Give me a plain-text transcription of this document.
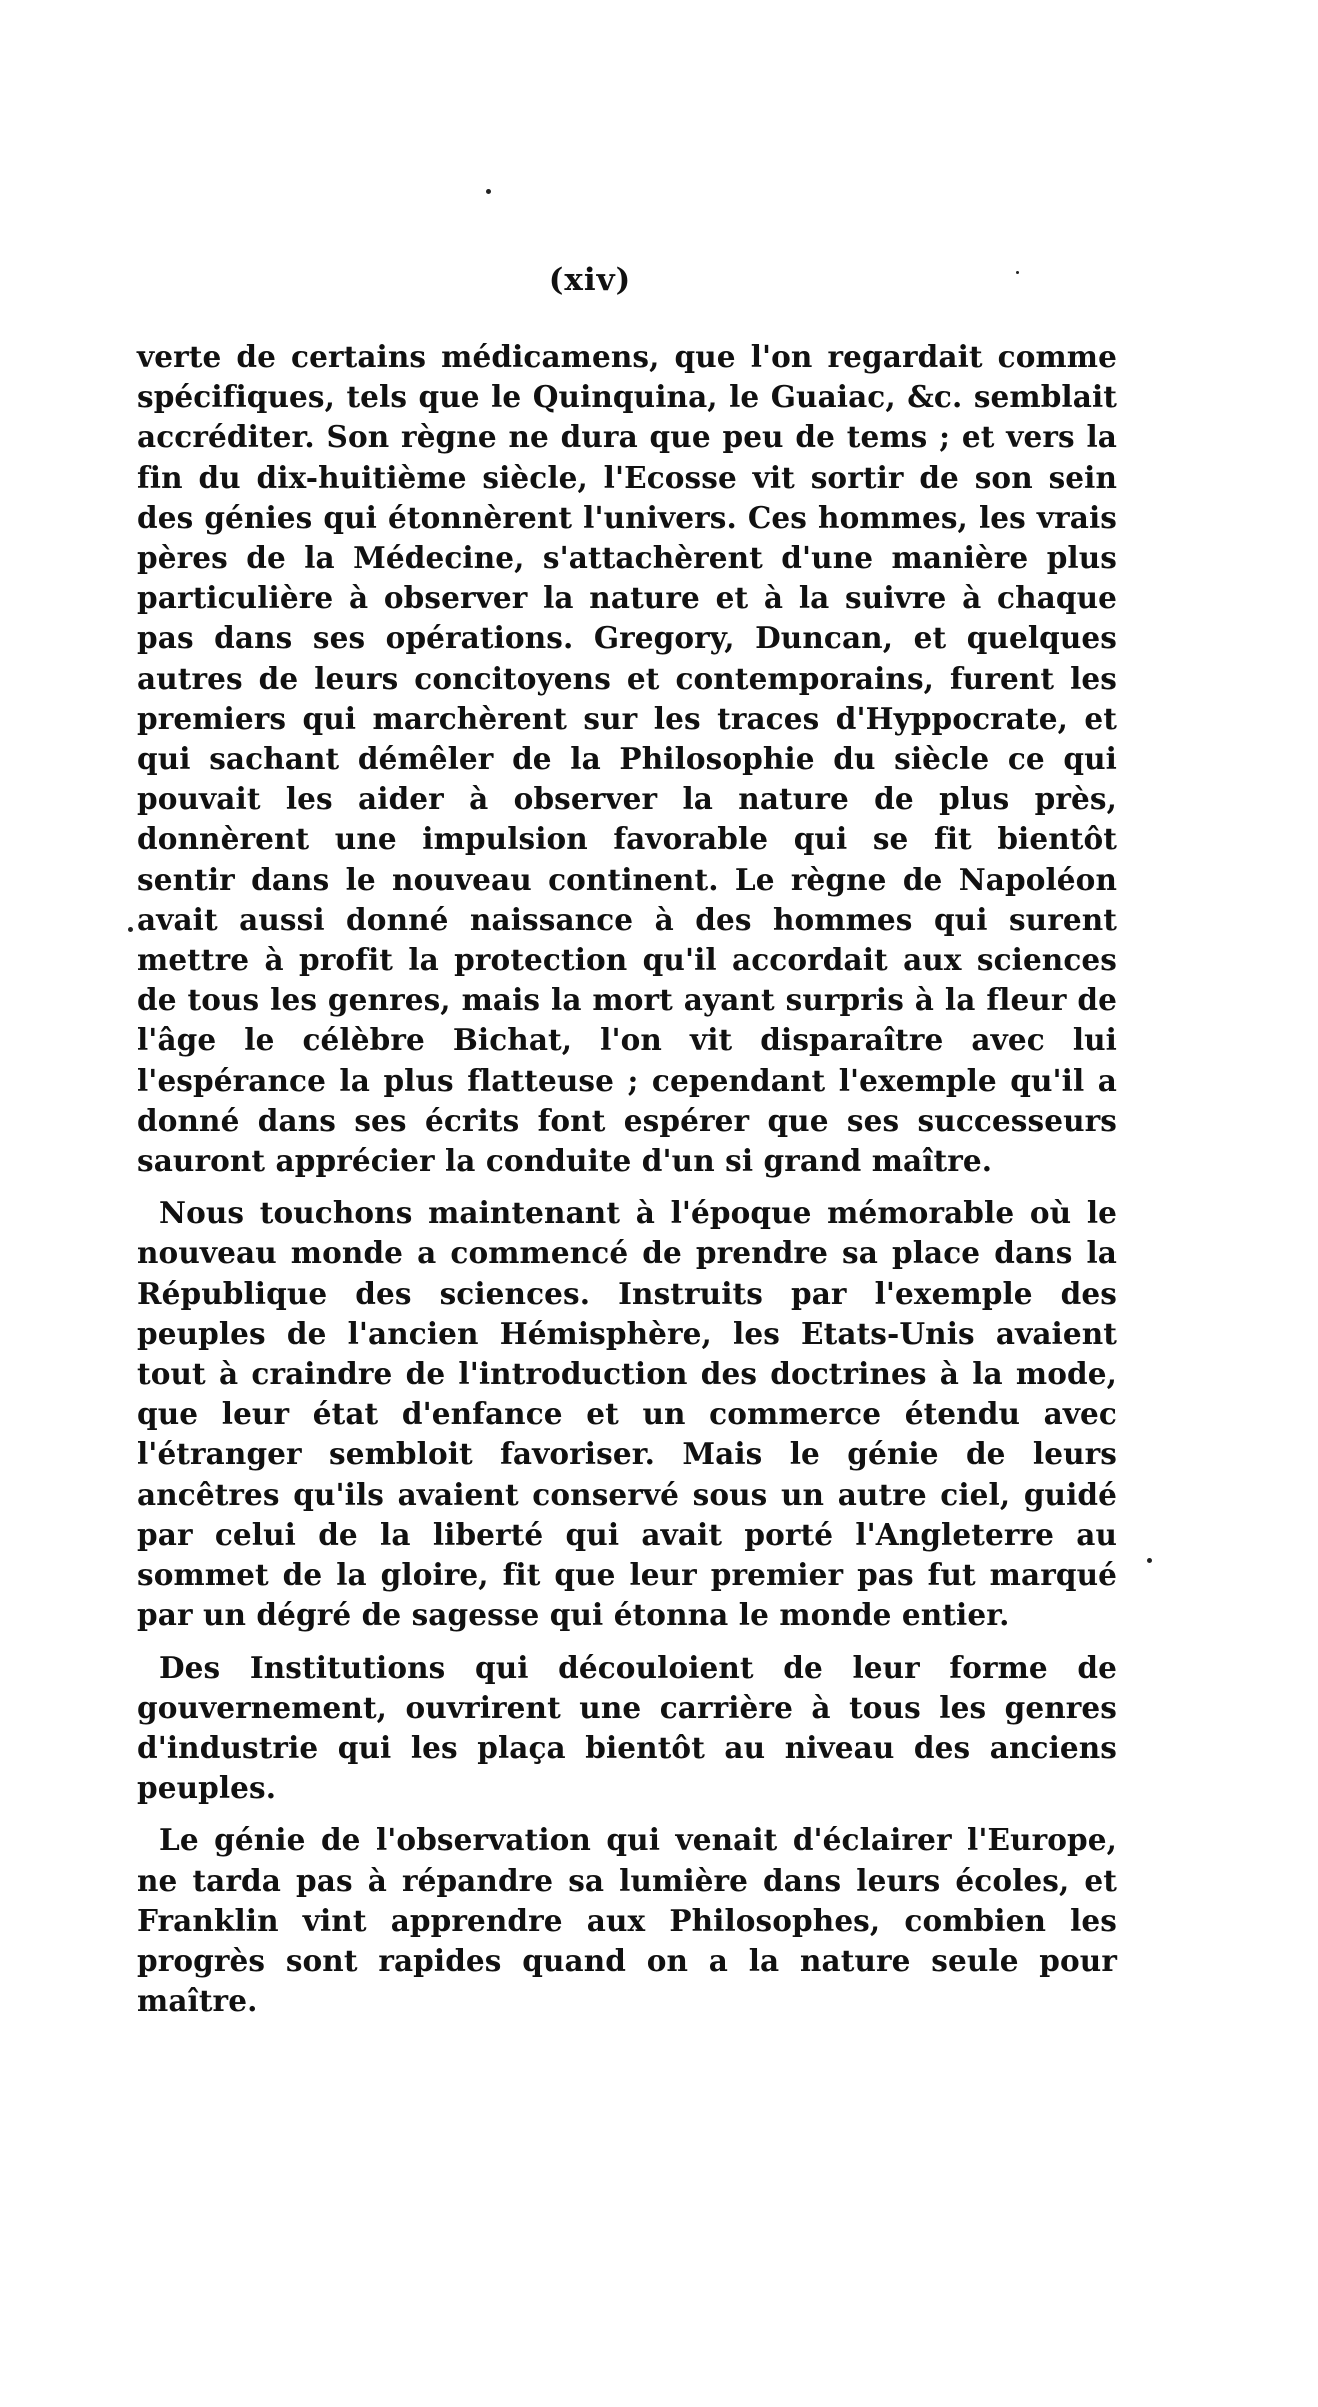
(xiv)

verte de certains médicamens, que l'on regardait comme spécifiques, tels que le Quinquina, le Guaiac, &c. semblait accréditer. Son règne ne dura que peu de tems ; et vers la fin du dix-huitième siècle, l'Ecosse vit sortir de son sein des génies qui étonnèrent l'univers. Ces hommes, les vrais pères de la Médecine, s'attachèrent d'une manière plus particulière à observer la nature et à la suivre à chaque pas dans ses opérations. Gregory, Duncan, et quelques autres de leurs concitoyens et contemporains, furent les premiers qui marchèrent sur les traces d'Hyppocrate, et qui sachant démêler de la Philosophie du siècle ce qui pouvait les aider à observer la nature de plus près, donnèrent une impulsion favorable qui se fit bientôt sentir dans le nouveau continent. Le règne de Napoléon avait aussi donné naissance à des hommes qui surent mettre à profit la protection qu'il accordait aux sciences de tous les genres, mais la mort ayant surpris à la fleur de l'âge le célèbre Bichat, l'on vit disparaître avec lui l'espérance la plus flatteuse ; cependant l'exemple qu'il a donné dans ses écrits font espérer que ses successeurs sauront apprécier la conduite d'un si grand maître.

Nous touchons maintenant à l'époque mémorable où le nouveau monde a commencé de prendre sa place dans la République des sciences. Instruits par l'exemple des peuples de l'ancien Hémisphère, les Etats-Unis avaient tout à craindre de l'introduction des doctrines à la mode, que leur état d'enfance et un commerce étendu avec l'étranger sembloit favoriser. Mais le génie de leurs ancêtres qu'ils avaient conservé sous un autre ciel, guidé par celui de la liberté qui avait porté l'Angleterre au sommet de la gloire, fit que leur premier pas fut marqué par un dégré de sagesse qui étonna le monde entier.

Des Institutions qui découloient de leur forme de gouvernement, ouvrirent une carrière à tous les genres d'industrie qui les plaça bientôt au niveau des anciens peuples.

Le génie de l'observation qui venait d'éclairer l'Europe, ne tarda pas à répandre sa lumière dans leurs écoles, et Franklin vint apprendre aux Philosophes, combien les progrès sont rapides quand on a la nature seule pour maître.
